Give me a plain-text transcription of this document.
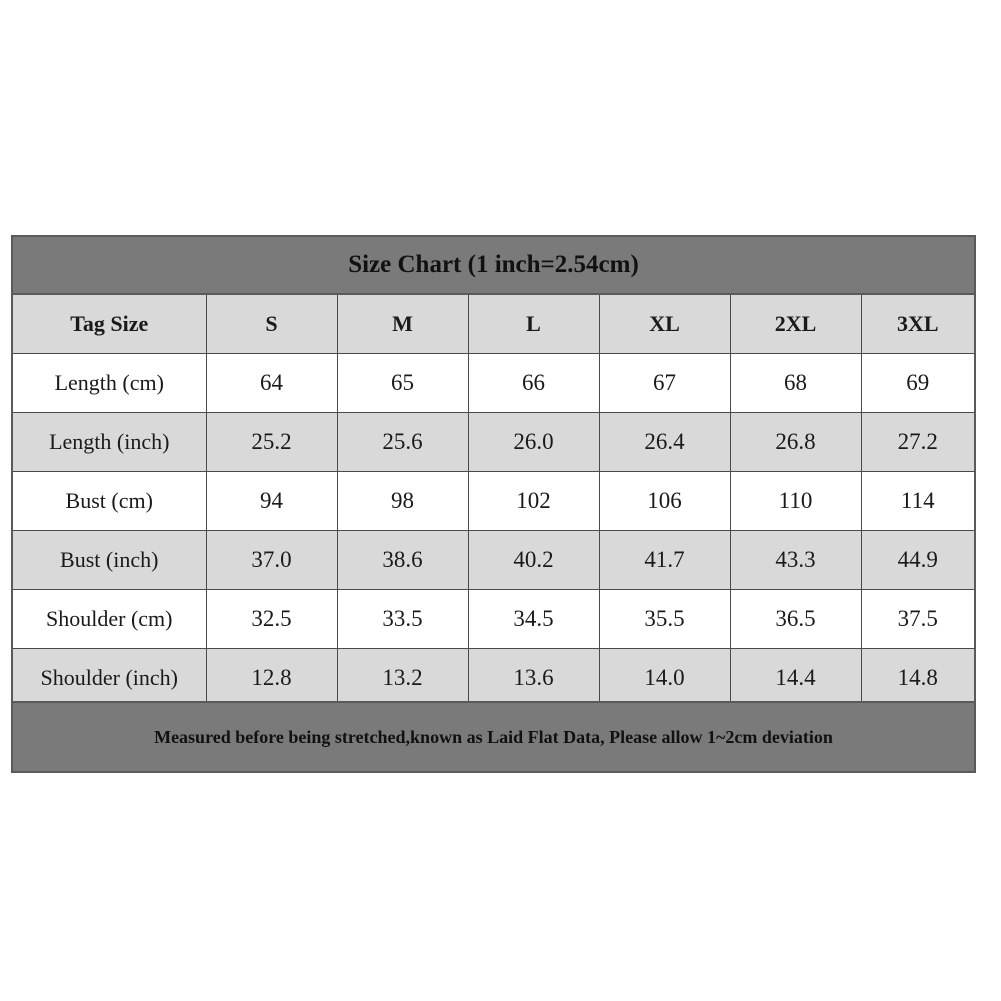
Size Chart (1 inch=2.54cm)
Tag Size	S	M	L	XL	2XL	3XL
Length (cm)	64	65	66	67	68	69
Length (inch)	25.2	25.6	26.0	26.4	26.8	27.2
Bust (cm)	94	98	102	106	110	114
Bust (inch)	37.0	38.6	40.2	41.7	43.3	44.9
Shoulder (cm)	32.5	33.5	34.5	35.5	36.5	37.5
Shoulder (inch)	12.8	13.2	13.6	14.0	14.4	14.8
Measured before being stretched,known as Laid Flat Data, Please allow 1~2cm deviation
